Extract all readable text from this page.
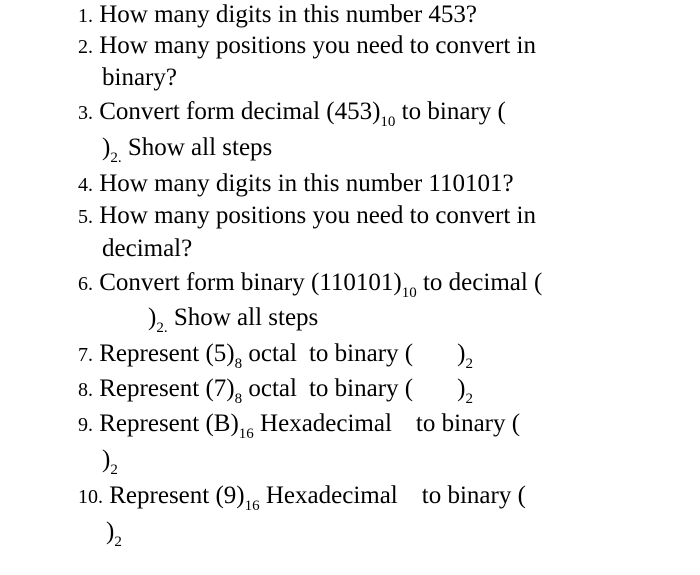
1. How many digits in this number 453?
2. How many positions you need to convert in
binary?
3. Convert form decimal $(453)_{10}$ to binary (
)$_{2.}$ Show all steps
4. How many digits in this number 110101?
5. How many positions you need to convert in
decimal?
6. Convert form binary $(110101)_{10}$ to decimal (
)$_{2.}$ Show all steps
7. Represent $(5)_8$ octal to binary ( )$_2$
8. Represent $(7)_8$ octal to binary ( )$_2$
9. Represent $(B)_{16}$ Hexadecimal to binary (
)$_2$
10. Represent $(9)_{16}$ Hexadecimal to binary (
)$_2$
